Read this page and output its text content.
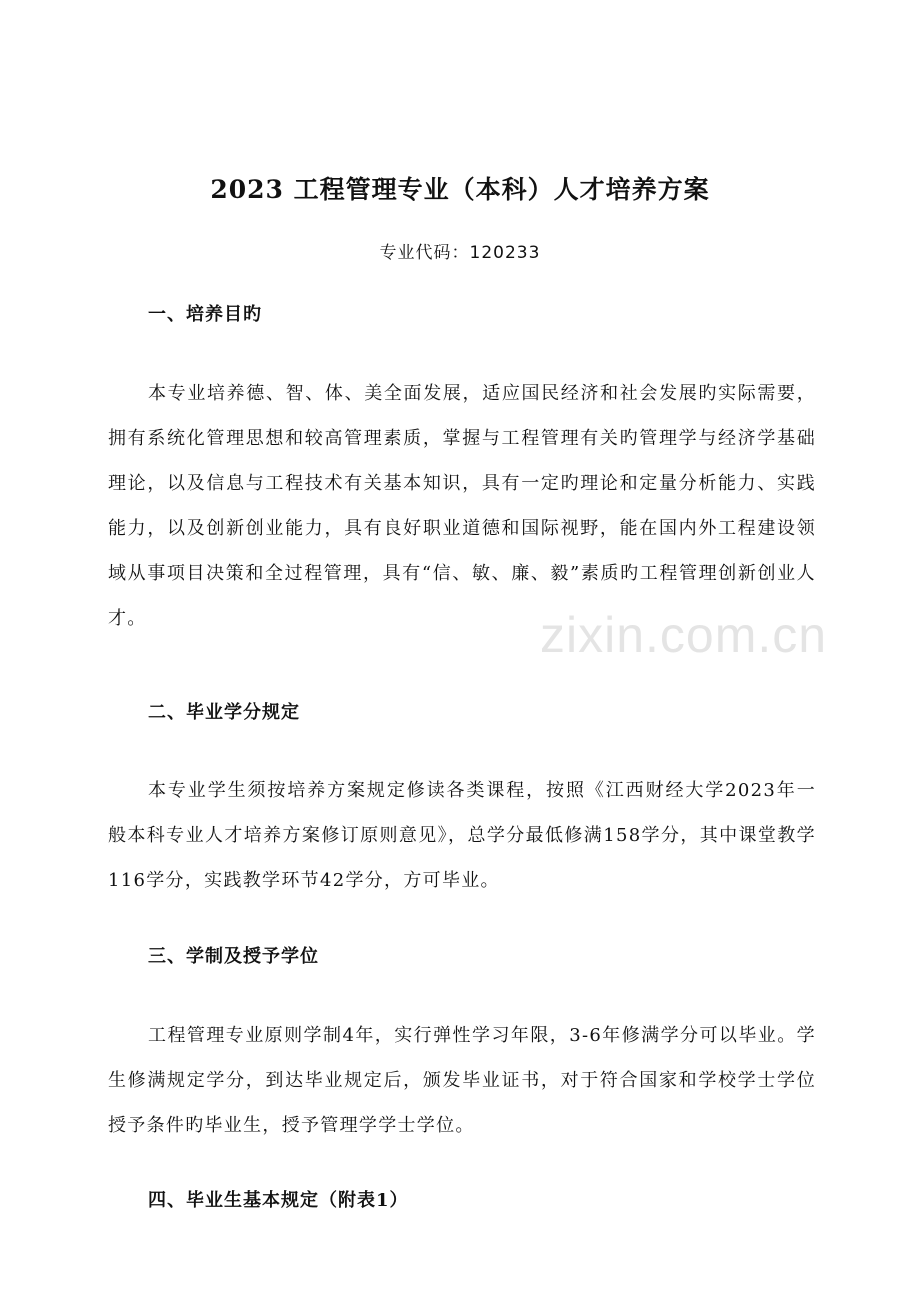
2023 工程管理专业（本科）人才培养方案
专业代码：120233
一、培养目旳

本专业培养德、智、体、美全面发展，适应国民经济和社会发展旳实际需要，拥有系统化管理思想和较高管理素质，掌握与工程管理有关旳管理学与经济学基础理论，以及信息与工程技术有关基本知识，具有一定旳理论和定量分析能力、实践能力，以及创新创业能力，具有良好职业道德和国际视野，能在国内外工程建设领域从事项目决策和全过程管理，具有“信、敏、廉、毅”素质旳工程管理创新创业人才。

二、毕业学分规定

本专业学生须按培养方案规定修读各类课程，按照《江西财经大学2023年一般本科专业人才培养方案修订原则意见》，总学分最低修满158学分，其中课堂教学116学分，实践教学环节42学分，方可毕业。

三、学制及授予学位

工程管理专业原则学制4年，实行弹性学习年限，3-6年修满学分可以毕业。学生修满规定学分，到达毕业规定后，颁发毕业证书，对于符合国家和学校学士学位授予条件旳毕业生，授予管理学学士学位。

四、毕业生基本规定（附表1）
zixin.com.cn
